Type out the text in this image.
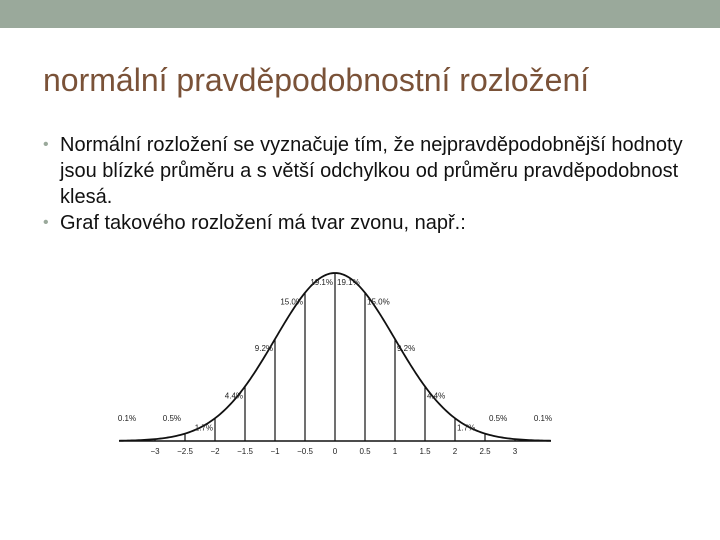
normální pravděpodobnostní rozložení
• Normální rozložení se vyznačuje tím, že nejpravděpodobnější hodnoty jsou blízké průměru a s větší odchylkou od průměru pravděpodobnost klesá.
• Graf takového rozložení má tvar zvonu, např.:
−3 −2.5 −2 −1.5 −1 −0.5 0	0.5	1	1.5	2	2.5	3
0.1%	0.5%
1.7%
4.4%
9.2%
15.0%
19.1% 19.1%
15.0%
9.2%
4.4%
1.7%
0.5%	0.1%
